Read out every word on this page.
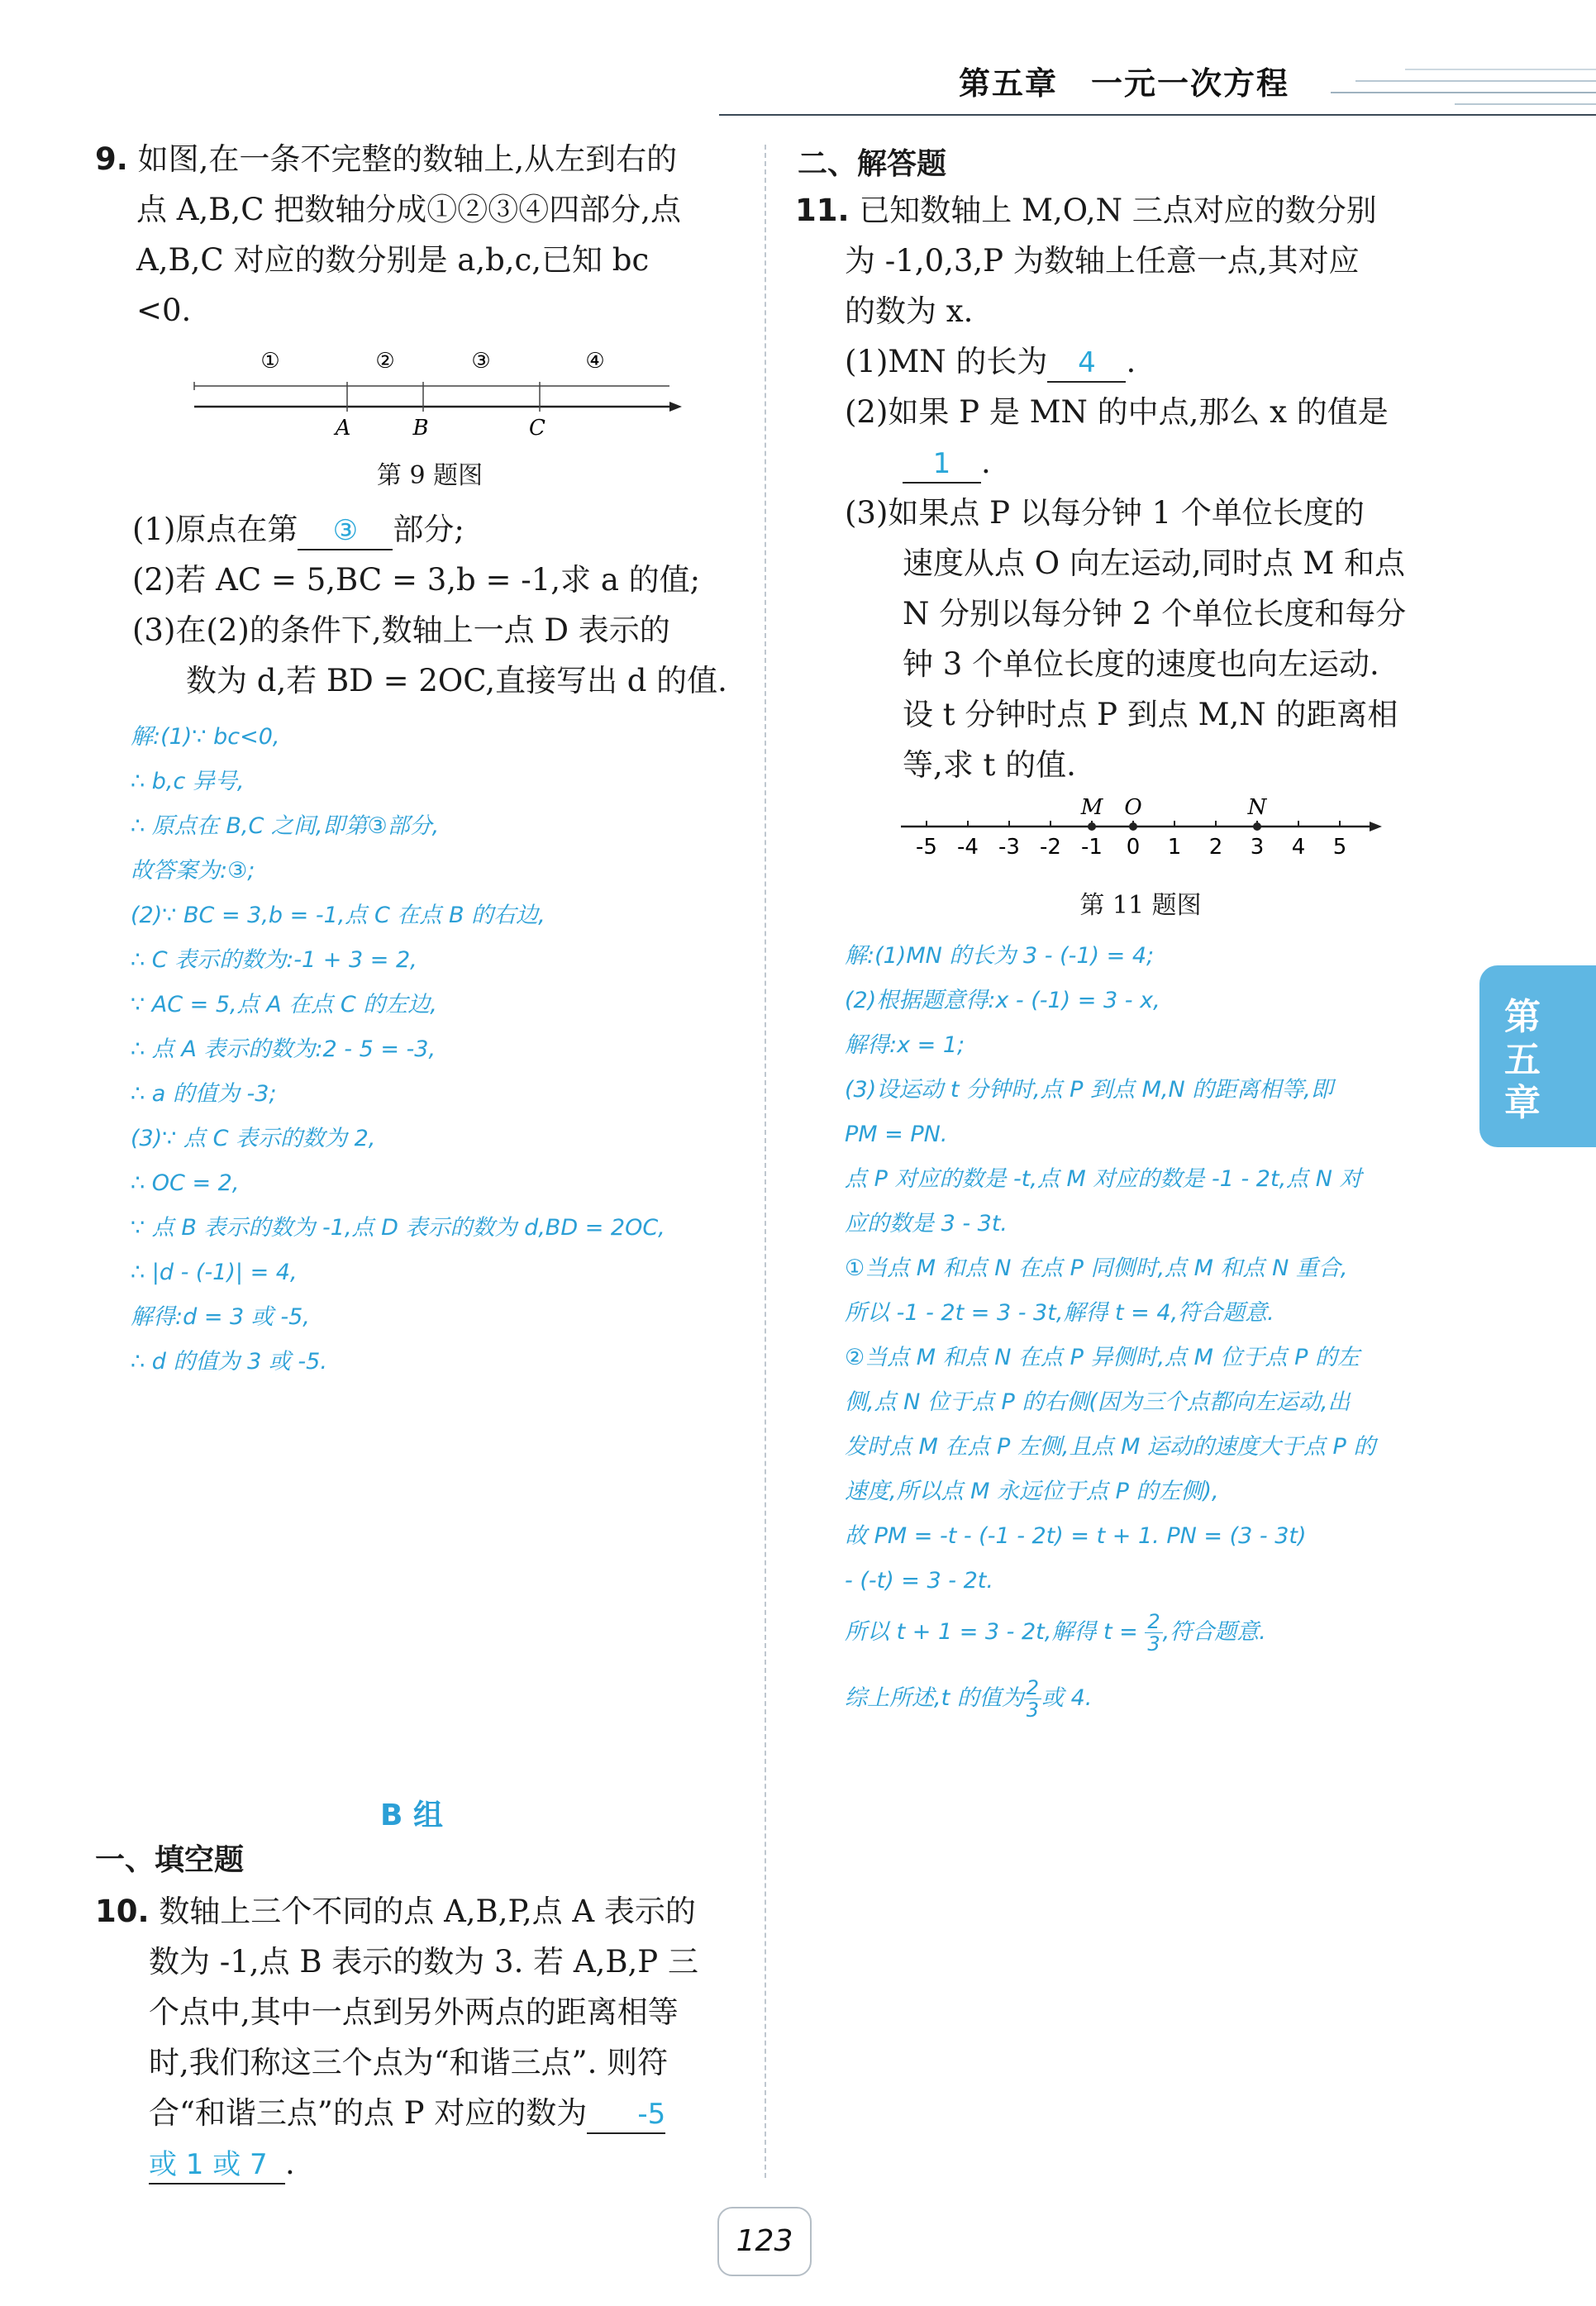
第五章 一元一次方程

9. 如图,在一条不完整的数轴上,从左到右的

点 A,B,C 把数轴分成①②③④四部分,点

A,B,C 对应的数分别是 a,b,c,已知 bc

<0.

①	②	③	④
A	B	C
第 9 题图

(1)原点在第 ③ 部分;

(2)若 AC = 5,BC = 3,b = -1,求 a 的值;

(3)在(2)的条件下,数轴上一点 D 表示的

数为 d,若 BD = 2OC,直接写出 d 的值.

解:(1)∵ bc<0,

∴ b,c 异号,

∴ 原点在 B,C 之间,即第③部分,

故答案为:③;

(2)∵ BC = 3,b = -1,点 C 在点 B 的右边,

∴ C 表示的数为:-1 + 3 = 2,

∵ AC = 5,点 A 在点 C 的左边,

∴ 点 A 表示的数为:2 - 5 = -3,

∴ a 的值为 -3;

(3)∵ 点 C 表示的数为 2,

∴ OC = 2,

∵ 点 B 表示的数为 -1,点 D 表示的数为 d,BD = 2OC,

∴ |d - (-1)| = 4,

解得:d = 3 或 -5,

∴ d 的值为 3 或 -5.

B 组
一、填空题

10. 数轴上三个不同的点 A,B,P,点 A 表示的

数为 -1,点 B 表示的数为 3. 若 A,B,P 三

个点中,其中一点到另外两点的距离相等

时,我们称这三个点为“和谐三点”. 则符

合“和谐三点”的点 P 对应的数为 -5

或 1 或 7 .

二、解答题

11. 已知数轴上 M,O,N 三点对应的数分别

为 -1,0,3,P 为数轴上任意一点,其对应

的数为 x.

(1)MN 的长为 4 .

(2)如果 P 是 MN 的中点,那么 x 的值是

1 .

(3)如果点 P 以每分钟 1 个单位长度的

速度从点 O 向左运动,同时点 M 和点

N 分别以每分钟 2 个单位长度和每分

钟 3 个单位长度的速度也向左运动.

设 t 分钟时点 P 到点 M,N 的距离相

等,求 t 的值.

-5 -4 -3 -2 -1 0 1 2 3 4 5
M O	N
第 11 题图

解:(1)MN 的长为 3 - (-1) = 4;

(2)根据题意得:x - (-1) = 3 - x,

解得:x = 1;

(3)设运动 t 分钟时,点 P 到点 M,N 的距离相等,即

PM = PN.

点 P 对应的数是 -t,点 M 对应的数是 -1 - 2t,点 N 对

应的数是 3 - 3t.

①当点 M 和点 N 在点 P 同侧时,点 M 和点 N 重合,

所以 -1 - 2t = 3 - 3t,解得 t = 4,符合题意.

②当点 M 和点 N 在点 P 异侧时,点 M 位于点 P 的左

侧,点 N 位于点 P 的右侧(因为三个点都向左运动,出

发时点 M 在点 P 左侧,且点 M 运动的速度大于点 P 的

速度,所以点 M 永远位于点 P 的左侧),

故 PM = -t - (-1 - 2t) = t + 1. PN = (3 - 3t)

- (-t) = 3 - 2t.

所以 t + 1 = 3 - 2t,解得 $t = \frac{2}{3}$ ,符合题意.

综上所述,t 的值为 $\frac{2}{3}$ 或 4.

第
五
章
123
